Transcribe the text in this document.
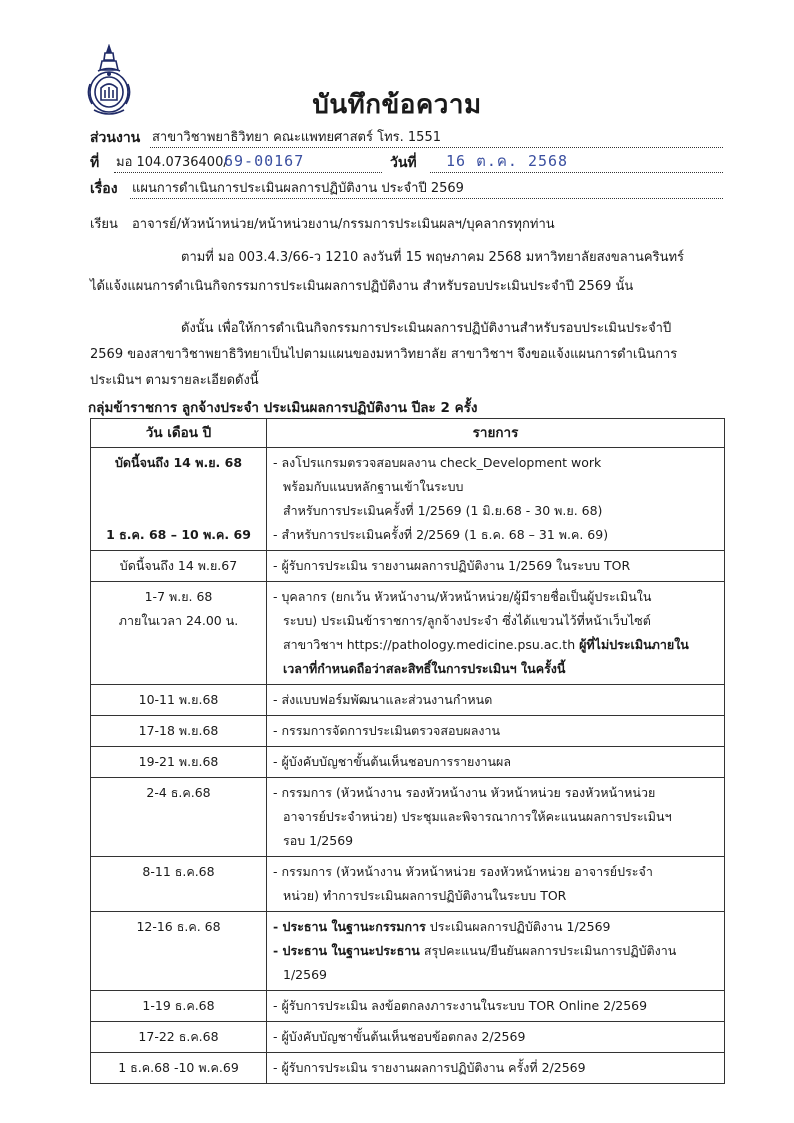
บันทึกข้อความ
ส่วนงาน สาขาวิชาพยาธิวิทยา คณะแพทยศาสตร์ โทร. 1551
ที่ มอ 104.0736400/
69-00167	วันที่ 16 ต.ค. 2568
เรื่อง แผนการดำเนินการประเมินผลการปฏิบัติงาน ประจำปี 2569
เรียน อาจารย์/หัวหน้าหน่วย/หน้าหน่วยงาน/กรรมการประเมินผลฯ/บุคลากรทุกท่าน
ตามที่ มอ 003.4.3/66-ว 1210 ลงวันที่ 15 พฤษภาคม 2568 มหาวิทยาลัยสงขลานครินทร์
ได้แจ้งแผนการดำเนินกิจกรรมการประเมินผลการปฏิบัติงาน สำหรับรอบประเมินประจำปี 2569 นั้น
ดังนั้น เพื่อให้การดำเนินกิจกรรมการประเมินผลการปฏิบัติงานสำหรับรอบประเมินประจำปี
2569 ของสาขาวิชาพยาธิวิทยาเป็นไปตามแผนของมหาวิทยาลัย สาขาวิชาฯ จึงขอแจ้งแผนการดำเนินการ
ประเมินฯ ตามรายละเอียดดังนี้
กลุ่มข้าราชการ ลูกจ้างประจำ ประเมินผลการปฏิบัติงาน ปีละ 2 ครั้ง
วัน เดือน ปี	รายการ

บัดนี้จนถึง 14 พ.ย. 68
1 ธ.ค. 68 – 10 พ.ค. 69	- ลงโปรแกรมตรวจสอบผลงาน check_Development work
พร้อมกับแนบหลักฐานเข้าในระบบ
สำหรับการประเมินครั้งที่ 1/2569 (1 มิ.ย.68 - 30 พ.ย. 68)
- สำหรับการประเมินครั้งที่ 2/2569 (1 ธ.ค. 68 – 31 พ.ค. 69)

บัดนี้จนถึง 14 พ.ย.67	- ผู้รับการประเมิน รายงานผลการปฏิบัติงาน 1/2569 ในระบบ TOR

1-7 พ.ย. 68
ภายในเวลา 24.00 น.	- บุคลากร (ยกเว้น หัวหน้างาน/หัวหน้าหน่วย/ผู้มีรายชื่อเป็นผู้ประเมินใน
ระบบ) ประเมินข้าราชการ/ลูกจ้างประจำ ซึ่งได้แขวนไว้ที่หน้าเว็บไซต์
สาขาวิชาฯ https://pathology.medicine.psu.ac.th ผู้ที่ไม่ประเมินภายใน
เวลาที่กำหนดถือว่าสละสิทธิ์ในการประเมินฯ ในครั้งนี้

10-11 พ.ย.68	- ส่งแบบฟอร์มพัฒนาและส่วนงานกำหนด
17-18 พ.ย.68	- กรรมการจัดการประเมินตรวจสอบผลงาน
19-21 พ.ย.68	- ผู้บังคับบัญชาขั้นต้นเห็นชอบการรายงานผล
2-4 ธ.ค.68	- กรรมการ (หัวหน้างาน รองหัวหน้างาน หัวหน้าหน่วย รองหัวหน้าหน่วย
อาจารย์ประจำหน่วย) ประชุมและพิจารณาการให้คะแนนผลการประเมินฯ
รอบ 1/2569

8-11 ธ.ค.68	- กรรมการ (หัวหน้างาน หัวหน้าหน่วย รองหัวหน้าหน่วย อาจารย์ประจำ
หน่วย) ทำการประเมินผลการปฏิบัติงานในระบบ TOR

12-16 ธ.ค. 68	- ประธาน ในฐานะกรรมการ ประเมินผลการปฏิบัติงาน 1/2569
- ประธาน ในฐานะประธาน สรุปคะแนน/ยืนยันผลการประเมินการปฏิบัติงาน
1/2569

1-19 ธ.ค.68	- ผู้รับการประเมิน ลงข้อตกลงภาระงานในระบบ TOR Online 2/2569
17-22 ธ.ค.68	- ผู้บังคับบัญชาขั้นต้นเห็นชอบข้อตกลง 2/2569
1 ธ.ค.68 -10 พ.ค.69	- ผู้รับการประเมิน รายงานผลการปฏิบัติงาน ครั้งที่ 2/2569
